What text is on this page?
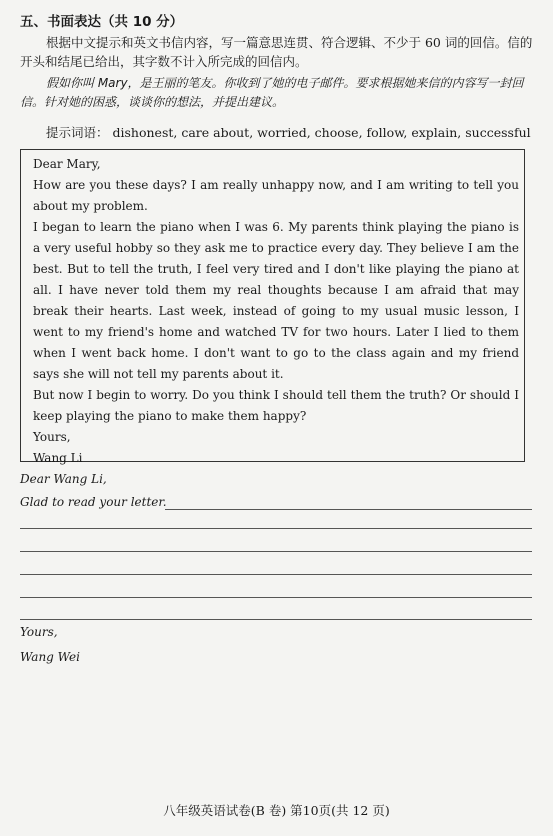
五、书面表达（共 10 分）
根据中文提示和英文书信内容，写一篇意思连贯、符合逻辑、不少于 60 词的回信。信的开头和结尾已给出，其字数不计入所完成的回信内。
假如你叫 Mary，是王丽的笔友。你收到了她的电子邮件。要求根据她来信的内容写一封回信。针对她的困惑，谈谈你的想法，并提出建议。
提示词语： dishonest, care about, worried, choose, follow, explain, successful

Dear Mary,

How are you these days? I am really unhappy now, and I am writing to tell you about my problem.

I began to learn the piano when I was 6. My parents think playing the piano is a very useful hobby so they ask me to practice every day. They believe I am the best. But to tell the truth, I feel very tired and I don't like playing the piano at all. I have never told them my real thoughts because I am afraid that may break their hearts. Last week, instead of going to my usual music lesson, I went to my friend's home and watched TV for two hours. Later I lied to them when I went back home. I don't want to go to the class again and my friend says she will not tell my parents about it.

But now I begin to worry. Do you think I should tell them the truth? Or should I keep playing the piano to make them happy?

Yours,

Wang Li

Dear Wang Li,
Glad to read your letter.
Yours,
Wang Wei
八年级英语试卷(B 卷) 第10页(共 12 页)
